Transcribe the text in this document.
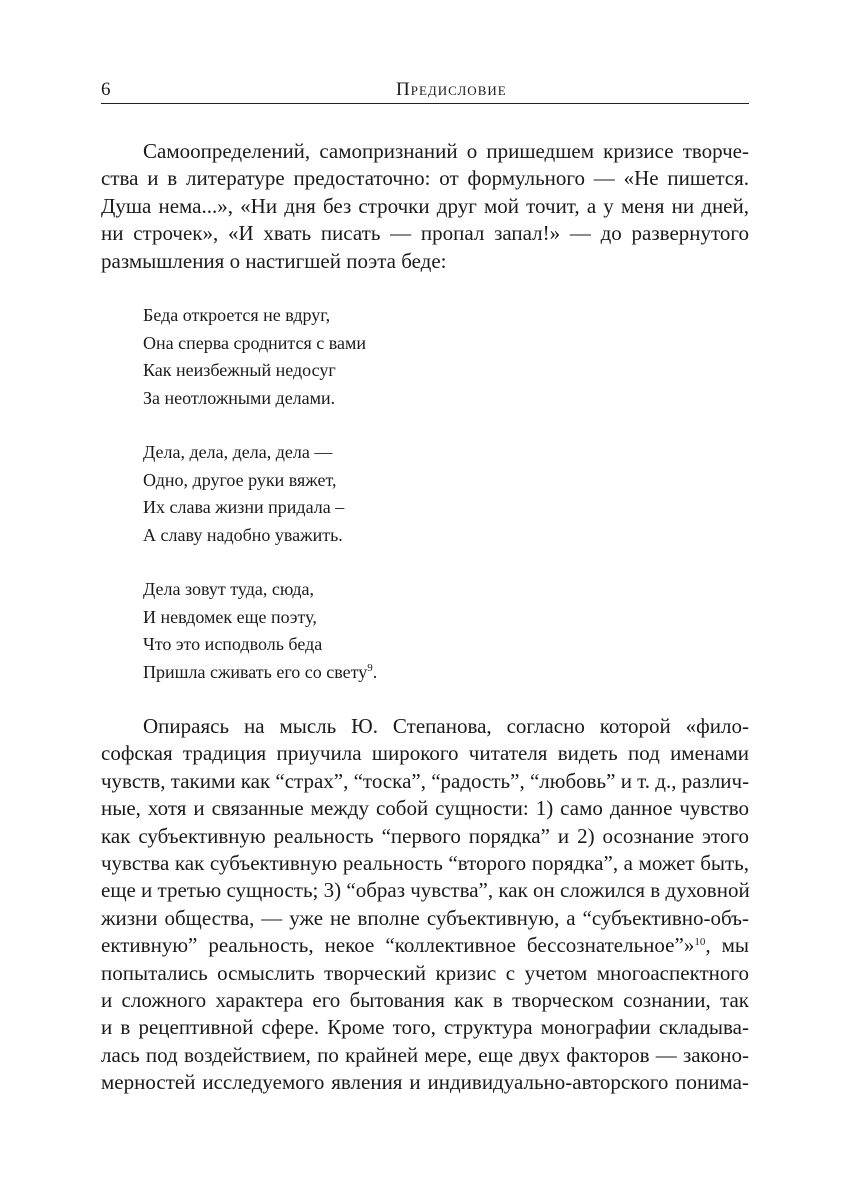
6	Предисловие
Самоопределений, самопризнаний о пришедшем кризисе творче-
ства и в литературе предостаточно: от формульного — «Не пишется.
Душа нема...», «Ни дня без строчки друг мой точит, а у меня ни дней,
ни строчек», «И хвать писать — пропал запал!» — до развернутого
размышления о настигшей поэта беде:
Беда откроется не вдруг,
Она сперва сроднится с вами
Как неизбежный недосуг
За неотложными делами.
Дела, дела, дела, дела —
Одно, другое руки вяжет,
Их слава жизни придала –
А славу надобно уважить.
Дела зовут туда, сюда,
И невдомек еще поэту,
Что это исподволь беда
Пришла сживать его со свету$^9$.
Опираясь на мысль Ю. Степанова, согласно которой «фило-
софская традиция приучила широкого читателя видеть под именами
чувств, такими как “страх”, “тоска”, “радость”, “любовь” и т. д., различ-
ные, хотя и связанные между собой сущности: 1) само данное чувство
как субъективную реальность “первого порядка” и 2) осознание этого
чувства как субъективную реальность “второго порядка”, а может быть,
еще и третью сущность; 3) “образ чувства”, как он сложился в духовной
жизни общества, — уже не вполне субъективную, а “субъективно-объ-
ективную” реальность, некое “коллективное бессознательное”»$^{10}$, мы
попытались осмыслить творческий кризис с учетом многоаспектного
и сложного характера его бытования как в творческом сознании, так
и в рецептивной сфере. Кроме того, структура монографии складыва-
лась под воздействием, по крайней мере, еще двух факторов — законо-
мерностей исследуемого явления и индивидуально-авторского понима-
